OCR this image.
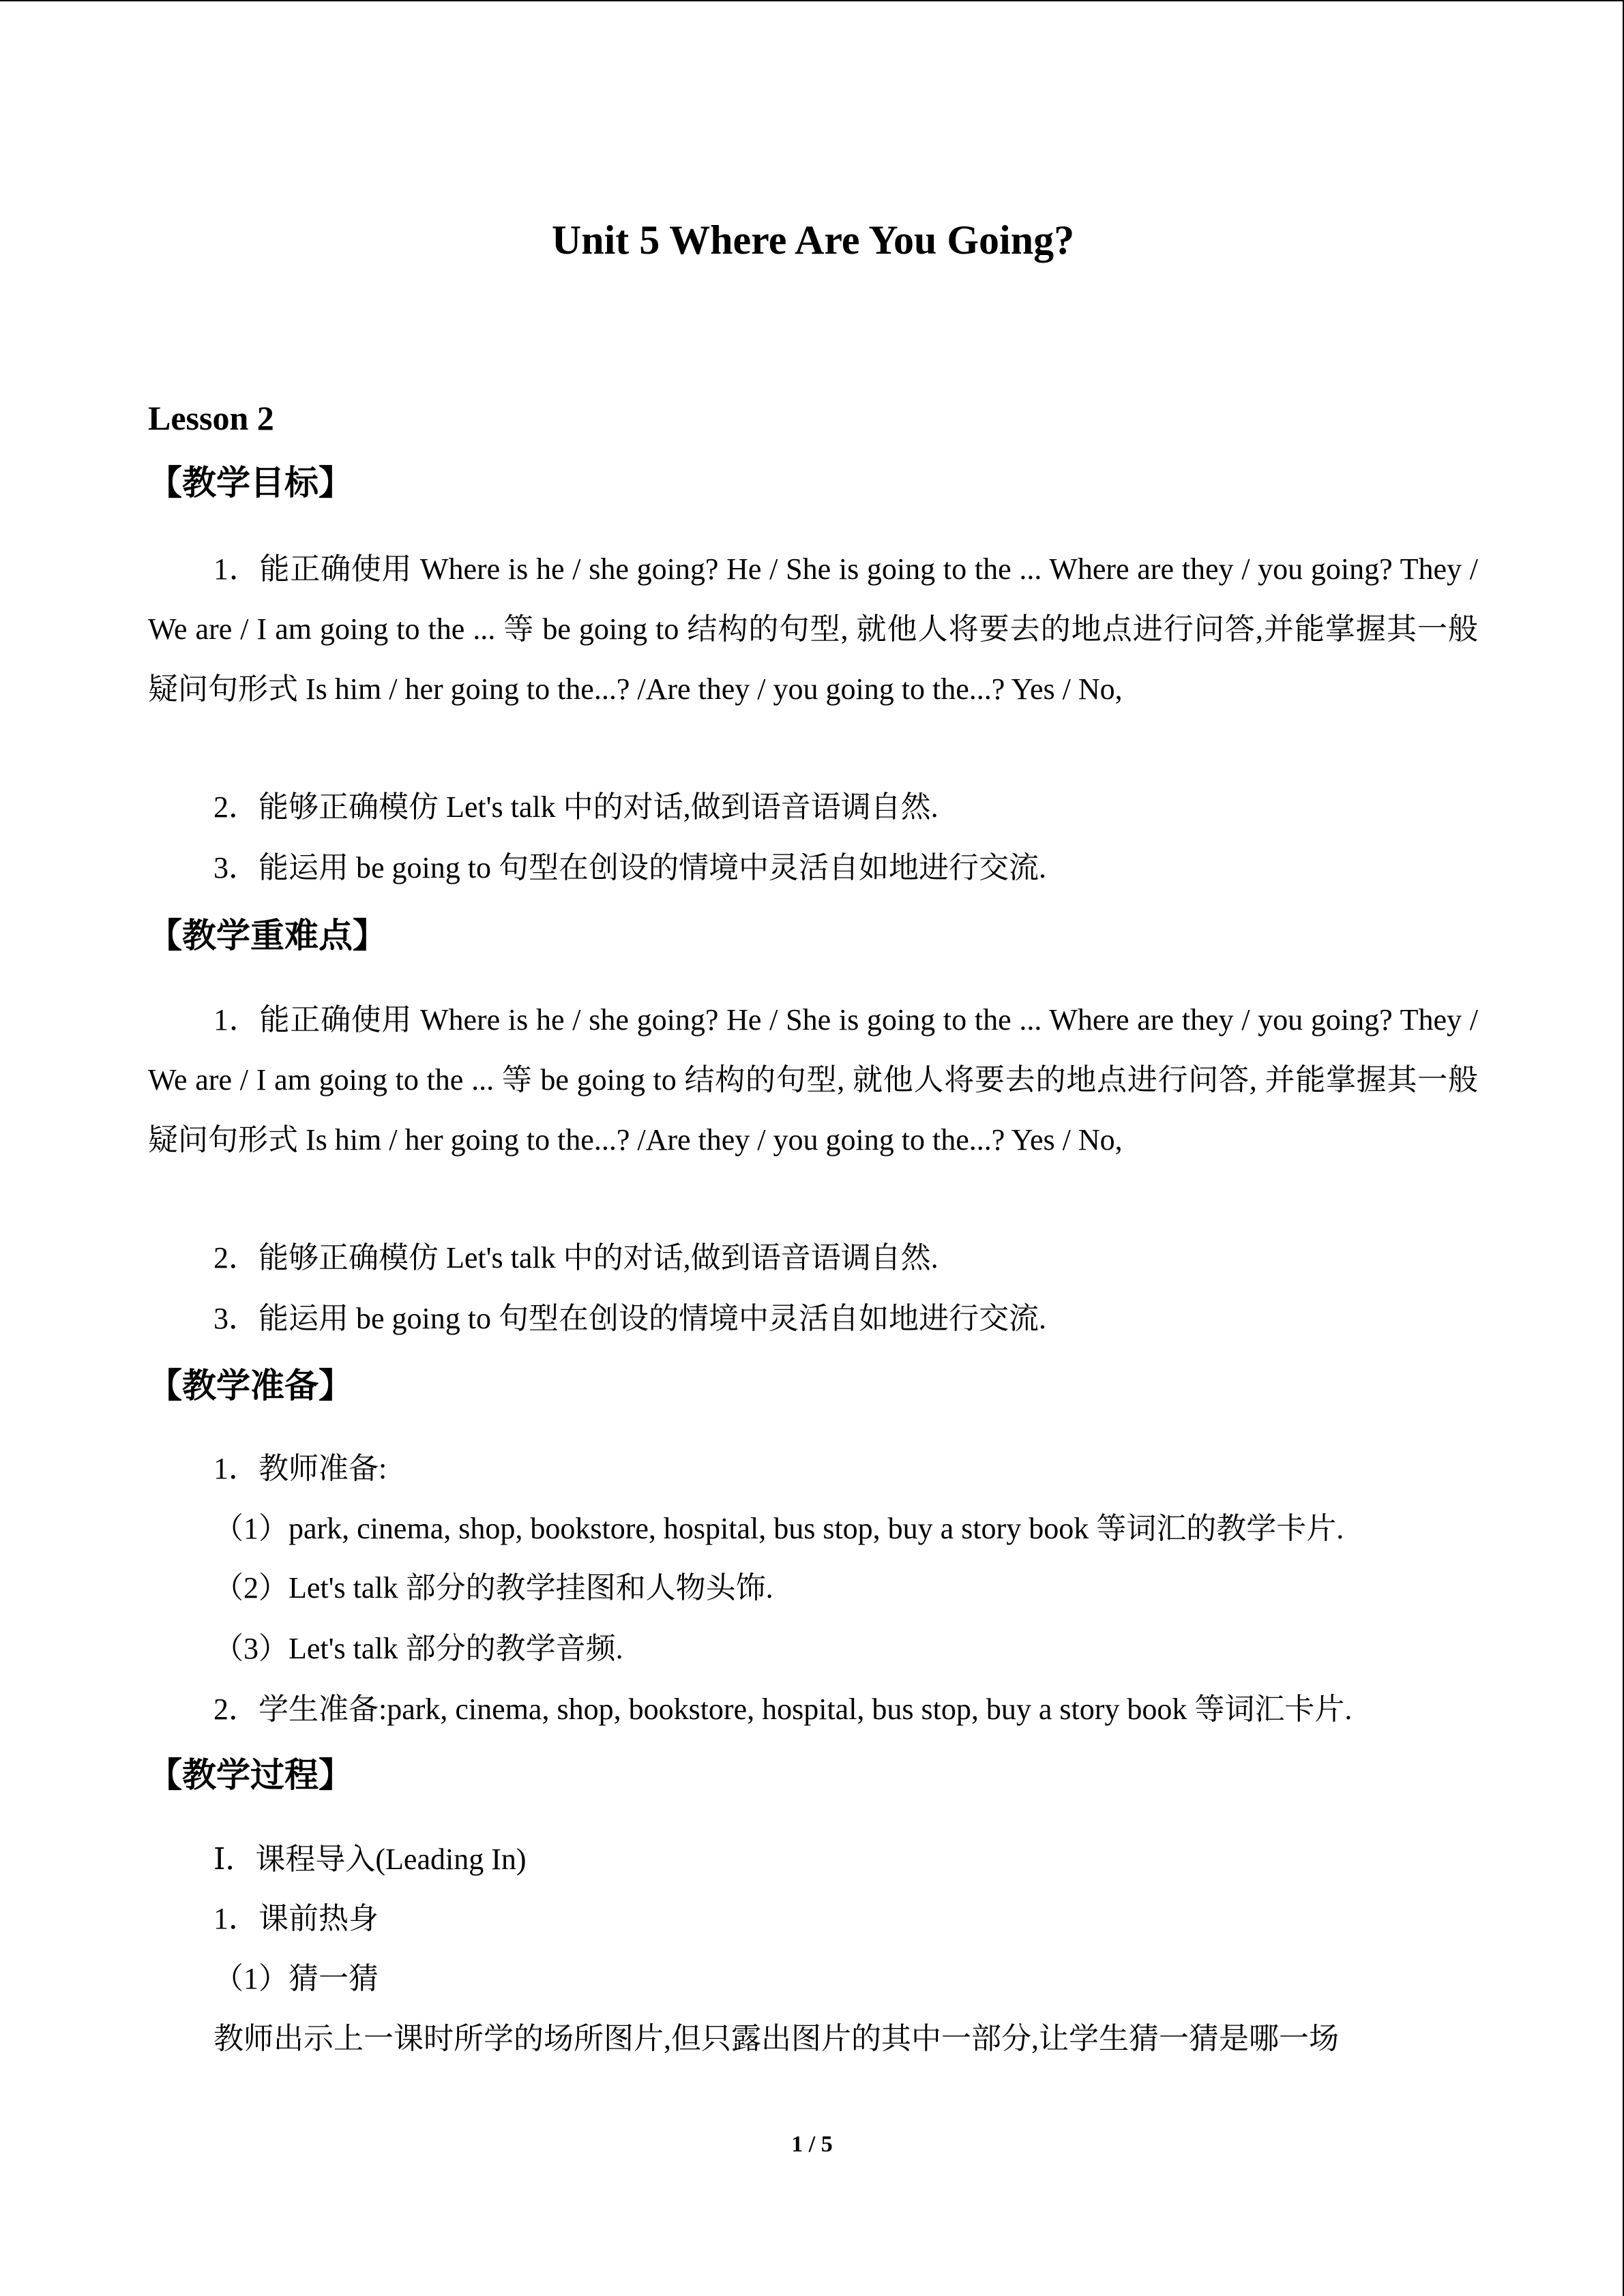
Unit 5 Where Are You Going?
Lesson 2
【教学目标】
1．能正确使用 Where is he / she going? He / She is going to the ... Where are they / you going? They / We are / I am going to the ... 等 be going to 结构的句型, 就他人将要去的地点进行问答,并能掌握其一般疑问句形式 Is him / her going to the...? /Are they / you going to the...? Yes / No,
2．能够正确模仿 Let's talk 中的对话,做到语音语调自然.
3．能运用 be going to 句型在创设的情境中灵活自如地进行交流.
【教学重难点】
1．能正确使用 Where is he / she going? He / She is going to the ... Where are they / you going? They / We are / I am going to the ... 等 be going to 结构的句型, 就他人将要去的地点进行问答, 并能掌握其一般疑问句形式 Is him / her going to the...? /Are they / you going to the...? Yes / No,
2．能够正确模仿 Let's talk 中的对话,做到语音语调自然.
3．能运用 be going to 句型在创设的情境中灵活自如地进行交流.
【教学准备】
1．教师准备:
（1）park, cinema, shop, bookstore, hospital, bus stop, buy a story book 等词汇的教学卡片.
（2）Let's talk 部分的教学挂图和人物头饰.
（3）Let's talk 部分的教学音频.
2．学生准备:park, cinema, shop, bookstore, hospital, bus stop, buy a story book 等词汇卡片.
【教学过程】
Ⅰ．课程导入(Leading In)
1．课前热身
（1）猜一猜
教师出示上一课时所学的场所图片,但只露出图片的其中一部分,让学生猜一猜是哪一场
1 / 5
